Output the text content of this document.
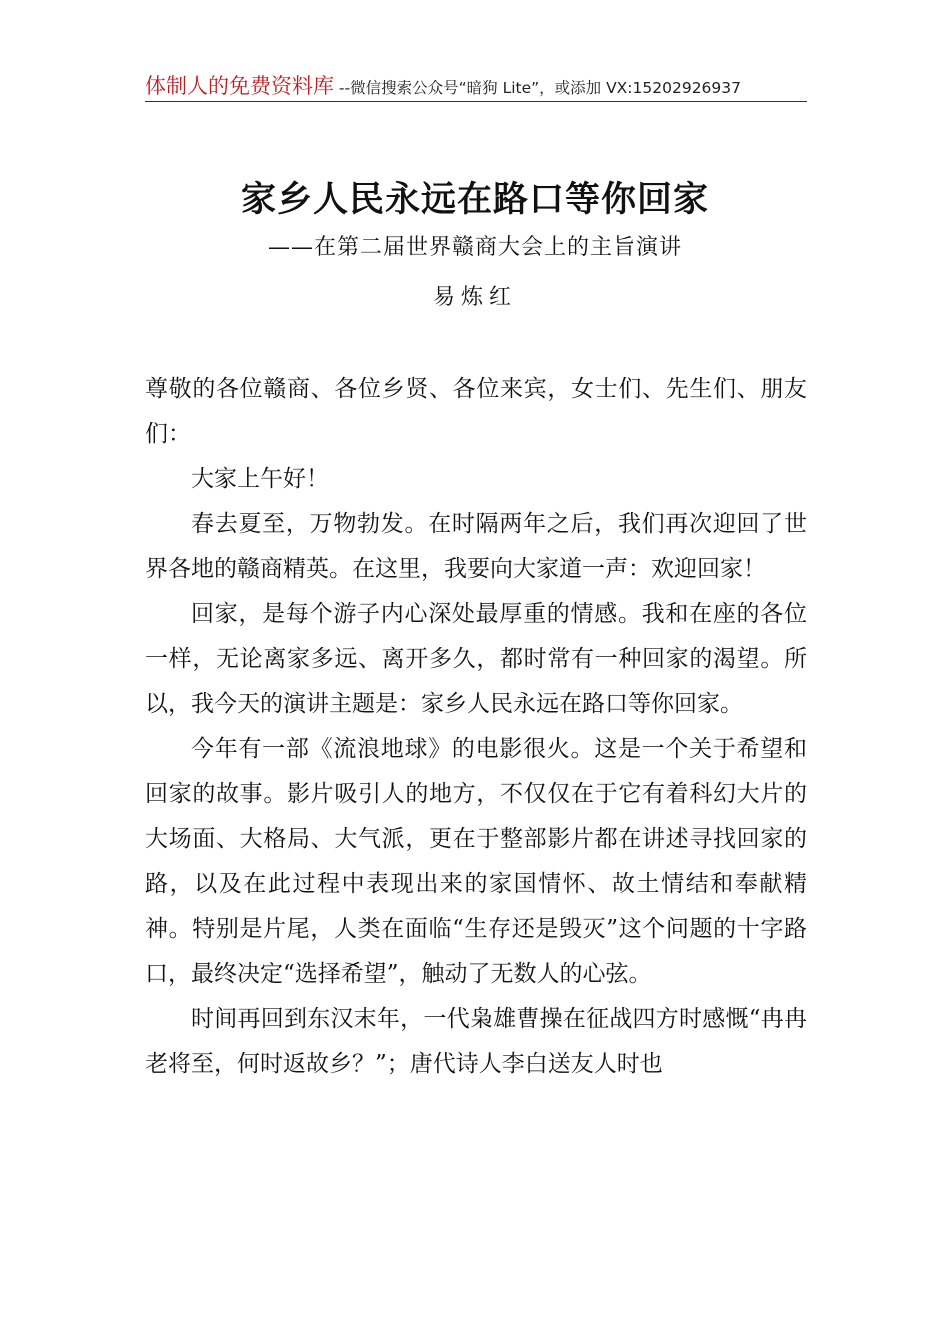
体制人的免费资料库 --微信搜索公众号“暗狗 Lite”，或添加 VX:15202926937
家乡人民永远在路口等你回家
——在第二届世界赣商大会上的主旨演讲
易炼红

尊敬的各位赣商、各位乡贤、各位来宾，女士们、先生们、朋友们：

大家上午好！

春去夏至，万物勃发。在时隔两年之后，我们再次迎回了世界各地的赣商精英。在这里，我要向大家道一声：欢迎回家！

回家，是每个游子内心深处最厚重的情感。我和在座的各位一样，无论离家多远、离开多久，都时常有一种回家的渴望。所以，我今天的演讲主题是：家乡人民永远在路口等你回家。

今年有一部《流浪地球》的电影很火。这是一个关于希望和回家的故事。影片吸引人的地方，不仅仅在于它有着科幻大片的大场面、大格局、大气派，更在于整部影片都在讲述寻找回家的路，以及在此过程中表现出来的家国情怀、故土情结和奉献精神。特别是片尾，人类在面临“生存还是毁灭”这个问题的十字路口，最终决定“选择希望”，触动了无数人的心弦。

时间再回到东汉末年，一代枭雄曹操在征战四方时感慨“冉冉老将至，何时返故乡？”；唐代诗人李白送友人时也
